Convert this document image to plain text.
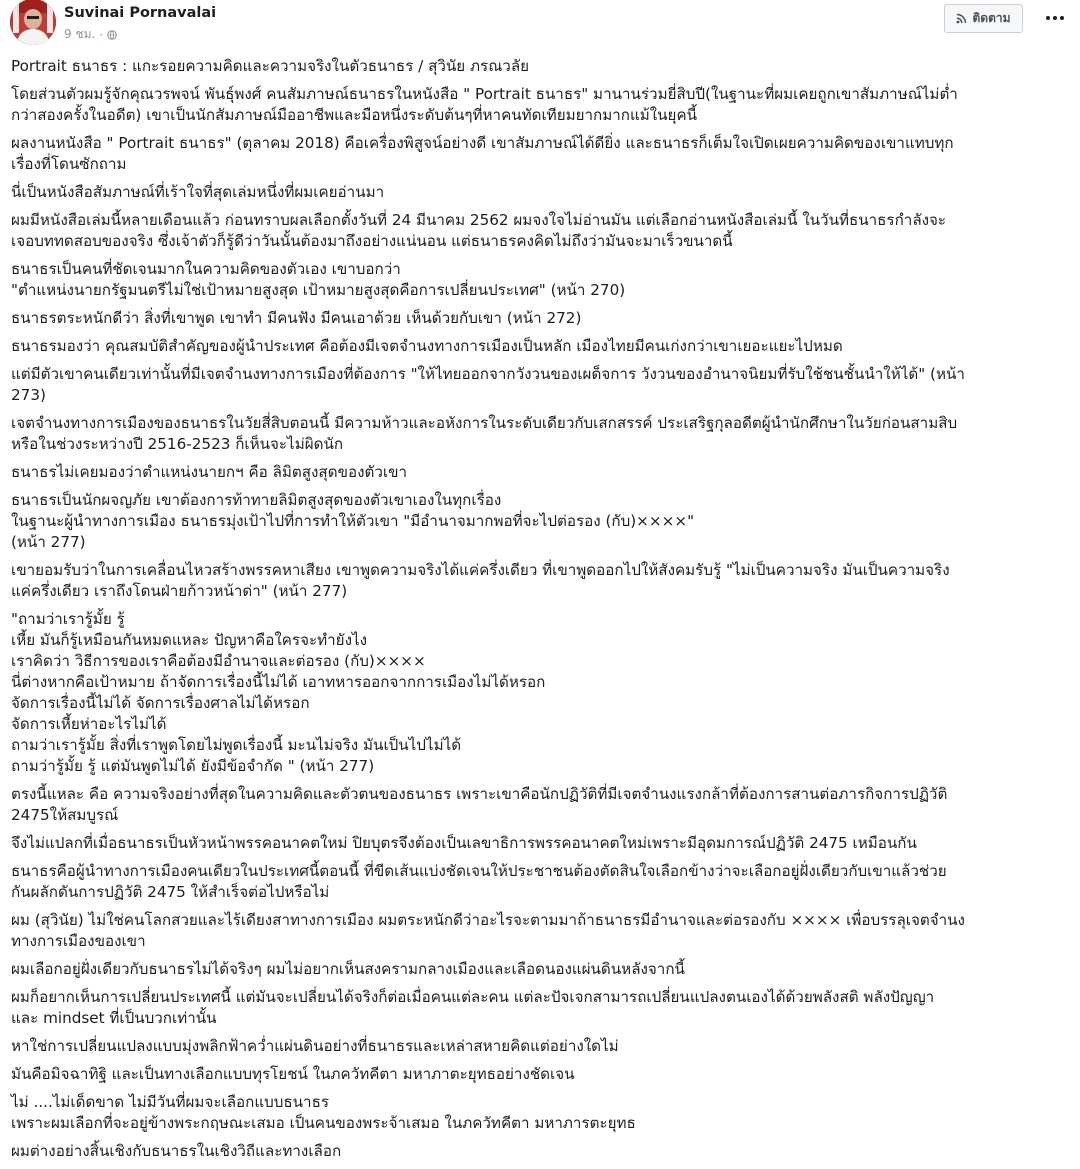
Suvinai Pornavalai
9 ชม. ·
ติดตาม
Portrait ธนาธร : แกะรอยความคิดและความจริงในตัวธนาธร / สุวินัย ภรณวลัย
โดยส่วนตัวผมรู้จักคุณวรพจน์ พันธุ์พงศ์ คนสัมภาษณ์ธนาธรในหนังสือ " Portrait ธนาธร" มานานร่วมยี่สิบปี(ในฐานะที่ผมเคยถูกเขาสัมภาษณ์ไม่ต่ำ
กว่าสองครั้งในอดีต) เขาเป็นนักสัมภาษณ์มืออาชีพและมือหนึ่งระดับต้นๆที่หาคนทัดเทียมยากมากแม้ในยุคนี้
ผลงานหนังสือ " Portrait ธนาธร" (ตุลาคม 2018) คือเครื่องพิสูจน์อย่างดี เขาสัมภาษณ์ได้ดียิ่ง และธนาธรก็เต็มใจเปิดเผยความคิดของเขาแทบทุก
เรื่องที่โดนซักถาม
นี่เป็นหนังสือสัมภาษณ์ที่เร้าใจที่สุดเล่มหนึ่งที่ผมเคยอ่านมา
ผมมีหนังสือเล่มนี้หลายเดือนแล้ว ก่อนทราบผลเลือกตั้งวันที่ 24 มีนาคม 2562 ผมจงใจไม่อ่านมัน แต่เลือกอ่านหนังสือเล่มนี้ ในวันที่ธนาธรกำลังจะ
เจอบททดสอบของจริง ซึ่งเจ้าตัวก็รู้ดีว่าวันนั้นต้องมาถึงอย่างแน่นอน แต่ธนาธรคงคิดไม่ถึงว่ามันจะมาเร็วขนาดนี้
ธนาธรเป็นคนที่ชัดเจนมากในความคิดของตัวเอง เขาบอกว่า
"ตำแหน่งนายกรัฐมนตรีไม่ใช่เป้าหมายสูงสุด เป้าหมายสูงสุดคือการเปลี่ยนประเทศ" (หน้า 270)
ธนาธรตระหนักดีว่า สิ่งที่เขาพูด เขาทำ มีคนฟัง มีคนเอาด้วย เห็นด้วยกับเขา (หน้า 272)
ธนาธรมองว่า คุณสมบัติสำคัญของผู้นำประเทศ คือต้องมีเจตจำนงทางการเมืองเป็นหลัก เมืองไทยมีคนเก่งกว่าเขาเยอะแยะไปหมด
แต่มีตัวเขาคนเดียวเท่านั้นที่มีเจตจำนงทางการเมืองที่ต้องการ "ให้ไทยออกจากวังวนของเผด็จการ วังวนของอำนาจนิยมที่รับใช้ชนชั้นนำให้ได้" (หน้า
273)
เจตจำนงทางการเมืองของธนาธรในวัยสี่สิบตอนนี้ มีความห้าวและอหังการในระดับเดียวกับเสกสรรค์ ประเสริฐกุลอดีตผู้นำนักศึกษาในวัยก่อนสามสิบ
หรือในช่วงระหว่างปี 2516-2523 ก็เห็นจะไม่ผิดนัก
ธนาธรไม่เคยมองว่าตำแหน่งนายกฯ คือ ลิมิตสูงสุดของตัวเขา
ธนาธรเป็นนักผจญภัย เขาต้องการท้าทายลิมิตสูงสุดของตัวเขาเองในทุกเรื่อง
ในฐานะผู้นำทางการเมือง ธนาธรมุ่งเป้าไปที่การทำให้ตัวเขา "มีอำนาจมากพอที่จะไปต่อรอง (กับ)××××"
(หน้า 277)
เขายอมรับว่าในการเคลื่อนไหวสร้างพรรคหาเสียง เขาพูดความจริงได้แค่ครึ่งเดียว ที่เขาพูดออกไปให้สังคมรับรู้ "ไม่เป็นความจริง มันเป็นความจริง
แค่ครึ่งเดียว เราถึงโดนฝ่ายก้าวหน้าด่า" (หน้า 277)
"ถามว่าเรารู้มั้ย รู้
เหี้ย มันก็รู้เหมือนกันหมดแหละ ปัญหาคือใครจะทำยังไง
เราคิดว่า วิธีการของเราคือต้องมีอำนาจและต่อรอง (กับ)××××
นี่ต่างหากคือเป้าหมาย ถ้าจัดการเรื่องนี้ไม่ได้ เอาทหารออกจากการเมืองไม่ได้หรอก
จัดการเรื่องนี้ไม่ได้ จัดการเรื่องศาลไม่ได้หรอก
จัดการเหี้ยห่าอะไรไม่ได้
ถามว่าเรารู้มั้ย สิ่งที่เราพูดโดยไม่พูดเรื่องนี้ มะนไม่จริง มันเป็นไปไม่ได้
ถามว่ารู้มั้ย รู้ แต่มันพูดไม่ได้ ยังมีข้อจำกัด " (หน้า 277)
ตรงนี้แหละ คือ ความจริงอย่างที่สุดในความคิดและตัวตนของธนาธร เพราะเขาคือนักปฏิวัติที่มีเจตจำนงแรงกล้าที่ต้องการสานต่อภารกิจการปฏิวัติ
2475ให้สมบูรณ์
จึงไม่แปลกที่เมื่อธนาธรเป็นหัวหน้าพรรคอนาคตใหม่ ปิยบุตรจึงต้องเป็นเลขาธิการพรรคอนาคตใหม่เพราะมีอุดมการณ์ปฏิวัติ 2475 เหมือนกัน
ธนาธรคือผู้นำทางการเมืองคนเดียวในประเทศนี้ตอนนี้ ที่ขีดเส้นแบ่งชัดเจนให้ประชาชนต้องตัดสินใจเลือกข้างว่าจะเลือกอยู่ฝั่งเดียวกับเขาแล้วช่วย
กันผลักดันการปฏิวัติ 2475 ให้สำเร็จต่อไปหรือไม่
ผม (สุวินัย) ไม่ใช่คนโลกสวยและไร้เดียงสาทางการเมือง ผมตระหนักดีว่าอะไรจะตามมาถ้าธนาธรมีอำนาจและต่อรองกับ ×××× เพื่อบรรลุเจตจำนง
ทางการเมืองของเขา
ผมเลือกอยู่ฝั่งเดียวกับธนาธรไม่ได้จริงๆ ผมไม่อยากเห็นสงครามกลางเมืองและเลือดนองแผ่นดินหลังจากนี้
ผมก็อยากเห็นการเปลี่ยนประเทศนี้ แต่มันจะเปลี่ยนได้จริงก็ต่อเมื่อคนแต่ละคน แต่ละปัจเจกสามารถเปลี่ยนแปลงตนเองได้ด้วยพลังสติ พลังปัญญา
และ mindset ที่เป็นบวกเท่านั้น
หาใช่การเปลี่ยนแปลงแบบมุ่งพลิกฟ้าคว่ำแผ่นดินอย่างที่ธนาธรและเหล่าสหายคิดแต่อย่างใดไม่
มันคือมิจฉาทิฐิ และเป็นทางเลือกแบบทุรโยชน์ ในภควัทคีตา มหาภาตะยุทธอย่างชัดเจน
ไม่ ....ไม่เด็ดขาด ไม่มีวันที่ผมจะเลือกแบบธนาธร
เพราะผมเลือกที่จะอยู่ข้างพระกฤษณะเสมอ เป็นคนของพระจ้าเสมอ ในภควัทคีตา มหาภารตะยุทธ
ผมต่างอย่างสิ้นเชิงกับธนาธรในเชิงวิถีและทางเลือก
